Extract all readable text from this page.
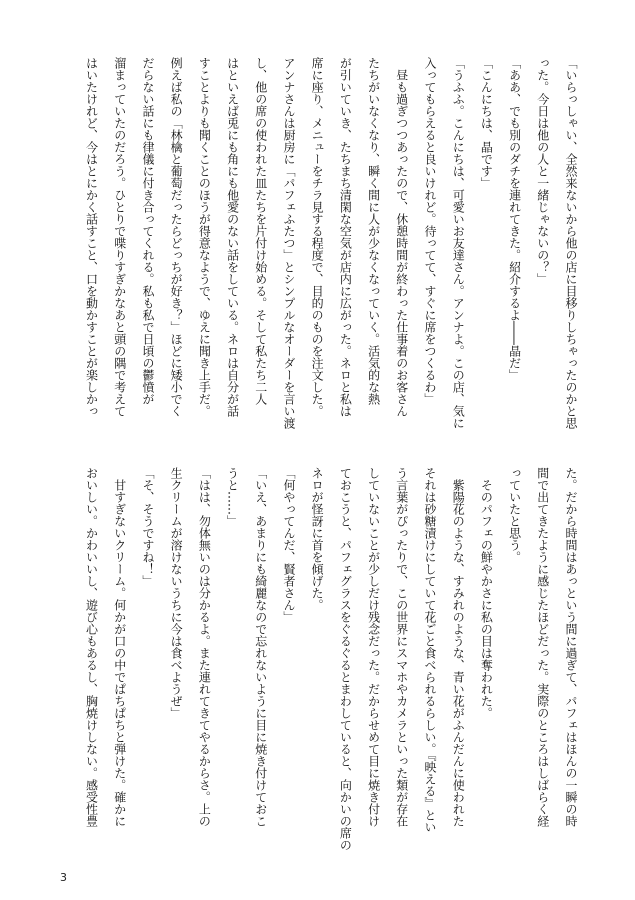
「いらっしゃい、全然来ないから他の店に目移りしちゃったのかと思
った。今日は他の人と一緒じゃないの？」
「ああ、でも別のダチを連れてきた。紹介するよ――晶だ」
「こんにちは、晶です」
「うふふ。こんにちは、可愛いお友達さん。アンナよ。この店、気に
入ってもらえると良いけれど。待ってて、すぐに席をつくるわ」
　昼も過ぎつつあったので、休憩時間が終わった仕事着のお客さん
たちがいなくなり、瞬く間に人が少なくなっていく。活気的な熱
が引いていき、たちまち清閑な空気が店内に広がった。ネロと私は
席に座り、メニューをチラ見する程度で、目的のものを注文した。
アンナさんは厨房に「パフェふたつ」とシンプルなオーダーを言い渡
し、他の席の使われた皿たちを片付け始める。そして私たち二人
はといえば兎にも角にも他愛のない話をしている。ネロは自分が話
すことよりも聞くことのほうが得意なようで、ゆえに聞き上手だ。
例えば私の「林檎と葡萄だったらどっちが好き？」ほどに矮小でく
だらない話にも律儀に付き合ってくれる。私も私で日頃の鬱憤が
溜まっていたのだろう。ひとりで喋りすぎかなあと頭の隅で考えて
はいたけれど、今はとにかく話すこと、口を動かすことが楽しかっ
た。だから時間はあっという間に過ぎて、パフェはほんの一瞬の時
間で出てきたように感じたほどだった。実際のところはしばらく経
っていたと思う。
　そのパフェの鮮やかさに私の目は奪われた。
　紫陽花のような、すみれのような、青い花がふんだんに使われた
それは砂糖漬けにしていて花ごと食べられるらしい。『映える』とい
う言葉がぴったりで、この世界にスマホやカメラといった類が存在
していないことが少しだけ残念だった。だからせめて目に焼き付け
ておこうと、パフェグラスをぐるぐるとまわしていると、向かいの席の
ネロが怪訝に首を傾げた。
「何やってんだ、賢者さん」
「いえ、あまりにも綺麗なので忘れないように目に焼き付けておこ
うと……」
「はは、勿体無いのは分かるよ。また連れてきてやるからさ。上の
生クリームが溶けないうちに今は食べようぜ」
「そ、そうですね！」
　甘すぎないクリーム。何かが口の中でぱちぱちと弾けた。確かに
おいしい。かわいいし、遊び心もあるし、胸焼けしない。感受性豊
3
